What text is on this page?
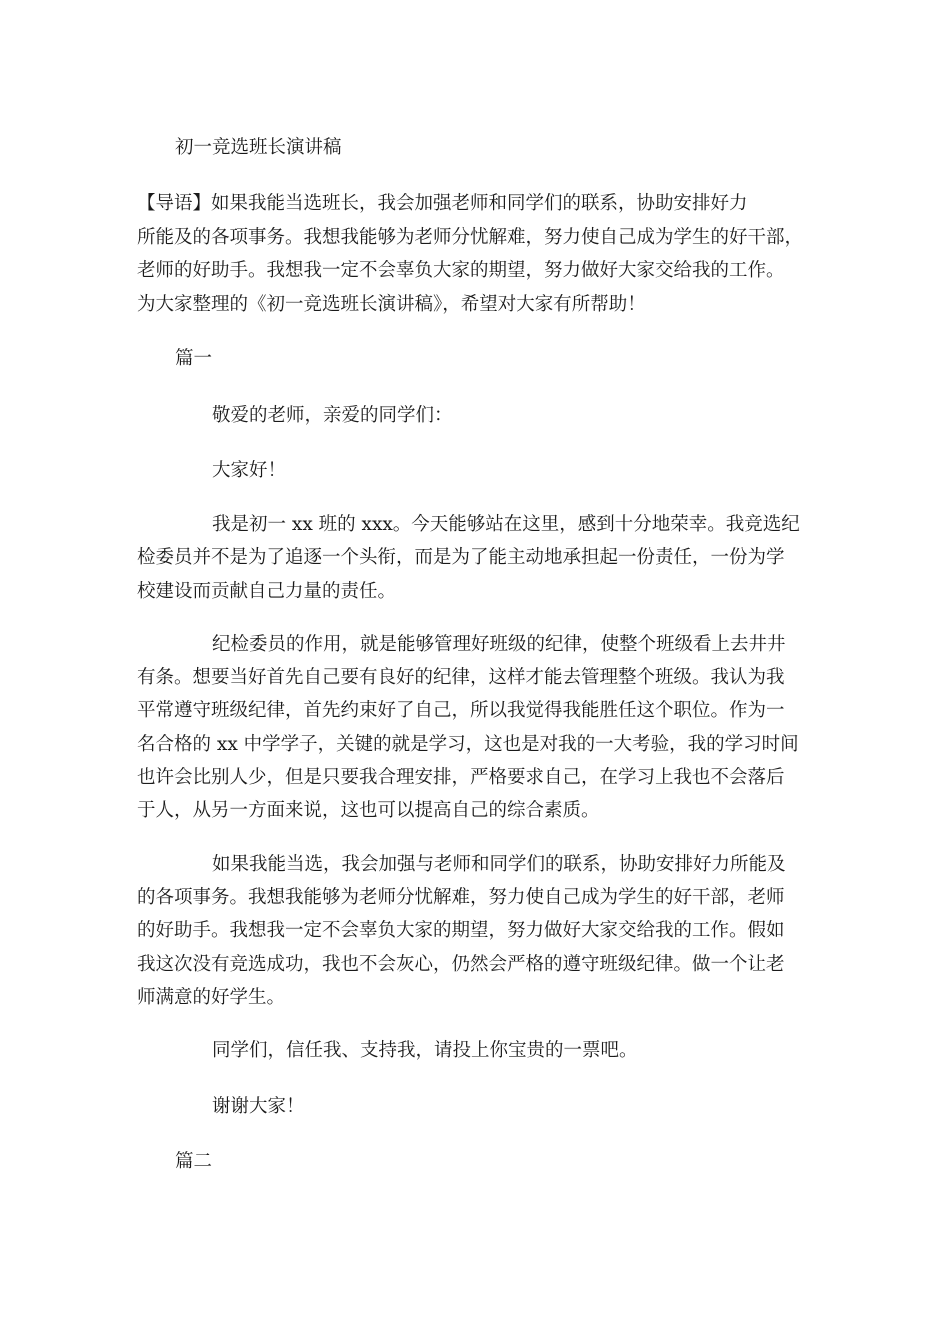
初一竞选班长演讲稿
【导语】如果我能当选班长，我会加强老师和同学们的联系，协助安排好力
所能及的各项事务。我想我能够为老师分忧解难，努力使自己成为学生的好干部，
老师的好助手。我想我一定不会辜负大家的期望，努力做好大家交给我的工作。
为大家整理的《初一竞选班长演讲稿》，希望对大家有所帮助！
篇一
敬爱的老师，亲爱的同学们：
大家好！
我是初一 xx 班的 xxx。今天能够站在这里，感到十分地荣幸。我竞选纪
检委员并不是为了追逐一个头衔，而是为了能主动地承担起一份责任，一份为学
校建设而贡献自己力量的责任。
纪检委员的作用，就是能够管理好班级的纪律，使整个班级看上去井井
有条。想要当好首先自己要有良好的纪律，这样才能去管理整个班级。我认为我
平常遵守班级纪律，首先约束好了自己，所以我觉得我能胜任这个职位。作为一
名合格的 xx 中学学子，关键的就是学习，这也是对我的一大考验，我的学习时间
也许会比别人少，但是只要我合理安排，严格要求自己，在学习上我也不会落后
于人，从另一方面来说，这也可以提高自己的综合素质。
如果我能当选，我会加强与老师和同学们的联系，协助安排好力所能及
的各项事务。我想我能够为老师分忧解难，努力使自己成为学生的好干部，老师
的好助手。我想我一定不会辜负大家的期望，努力做好大家交给我的工作。假如
我这次没有竞选成功，我也不会灰心，仍然会严格的遵守班级纪律。做一个让老
师满意的好学生。
同学们，信任我、支持我，请投上你宝贵的一票吧。
谢谢大家！
篇二
